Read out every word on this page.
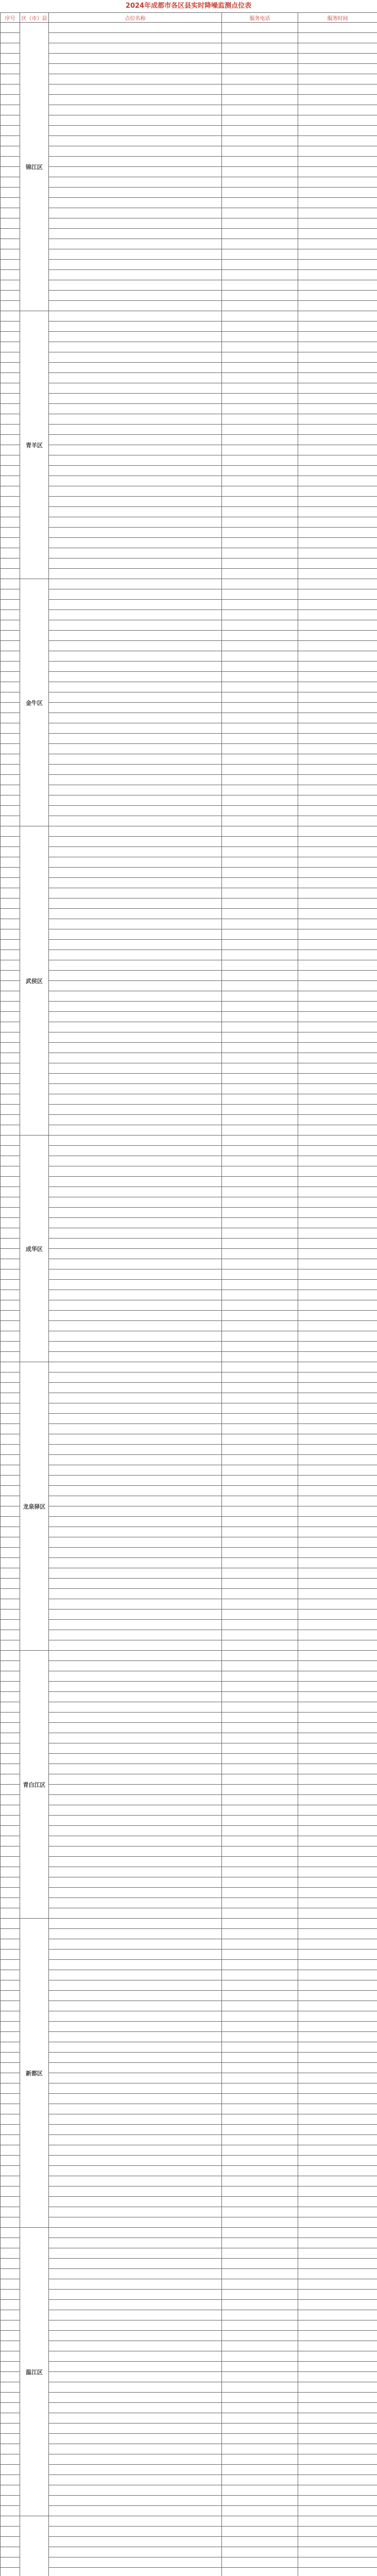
2024年成都市各区县实时降噪监测点位表
序号	区（市）县	点位名称	服务电话	服务时间
	锦江区			

	青羊区			

	金牛区			

	武侯区			

	成华区			

	龙泉驿区			

	青白江区			

	新都区			

	温江区			
